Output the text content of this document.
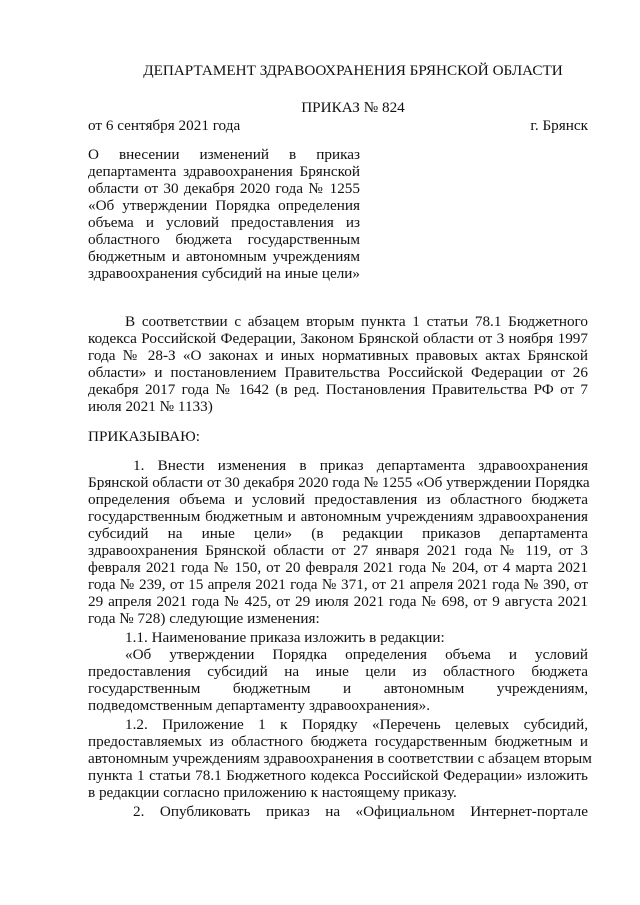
ДЕПАРТАМЕНТ ЗДРАВООХРАНЕНИЯ БРЯНСКОЙ ОБЛАСТИ
ПРИКАЗ № 824
от 6 сентября 2021 года	г. Брянск
О внесении изменений в приказ
департамента здравоохранения Брянской
области от 30 декабря 2020 года № 1255
«Об утверждении Порядка определения
объема и условий предоставления из
областного бюджета государственным
бюджетным и автономным учреждениям
здравоохранения субсидий на иные цели»
В соответствии с абзацем вторым пункта 1 статьи 78.1 Бюджетного
кодекса Российской Федерации, Законом Брянской области от 3 ноября 1997
года № 28-З «О законах и иных нормативных правовых актах Брянской
области» и постановлением Правительства Российской Федерации от 26
декабря 2017 года № 1642 (в ред. Постановления Правительства РФ от 7
июля 2021 № 1133)
ПРИКАЗЫВАЮ:
1. Внести изменения в приказ департамента здравоохранения
Брянской области от 30 декабря 2020 года № 1255 «Об утверждении Порядка
определения объема и условий предоставления из областного бюджета
государственным бюджетным и автономным учреждениям здравоохранения
субсидий на иные цели» (в редакции приказов департамента
здравоохранения Брянской области от 27 января 2021 года № 119, от 3
февраля 2021 года № 150, от 20 февраля 2021 года № 204, от 4 марта 2021
года № 239, от 15 апреля 2021 года № 371, от 21 апреля 2021 года № 390, от
29 апреля 2021 года № 425, от 29 июля 2021 года № 698, от 9 августа 2021
года № 728) следующие изменения:
1.1. Наименование приказа изложить в редакции:
«Об утверждении Порядка определения объема и условий
предоставления субсидий на иные цели из областного бюджета
государственным бюджетным и автономным учреждениям,
подведомственным департаменту здравоохранения».
1.2. Приложение 1 к Порядку «Перечень целевых субсидий,
предоставляемых из областного бюджета государственным бюджетным и
автономным учреждениям здравоохранения в соответствии с абзацем вторым
пункта 1 статьи 78.1 Бюджетного кодекса Российской Федерации» изложить
в редакции согласно приложению к настоящему приказу.
2. Опубликовать приказ на «Официальном Интернет-портале
